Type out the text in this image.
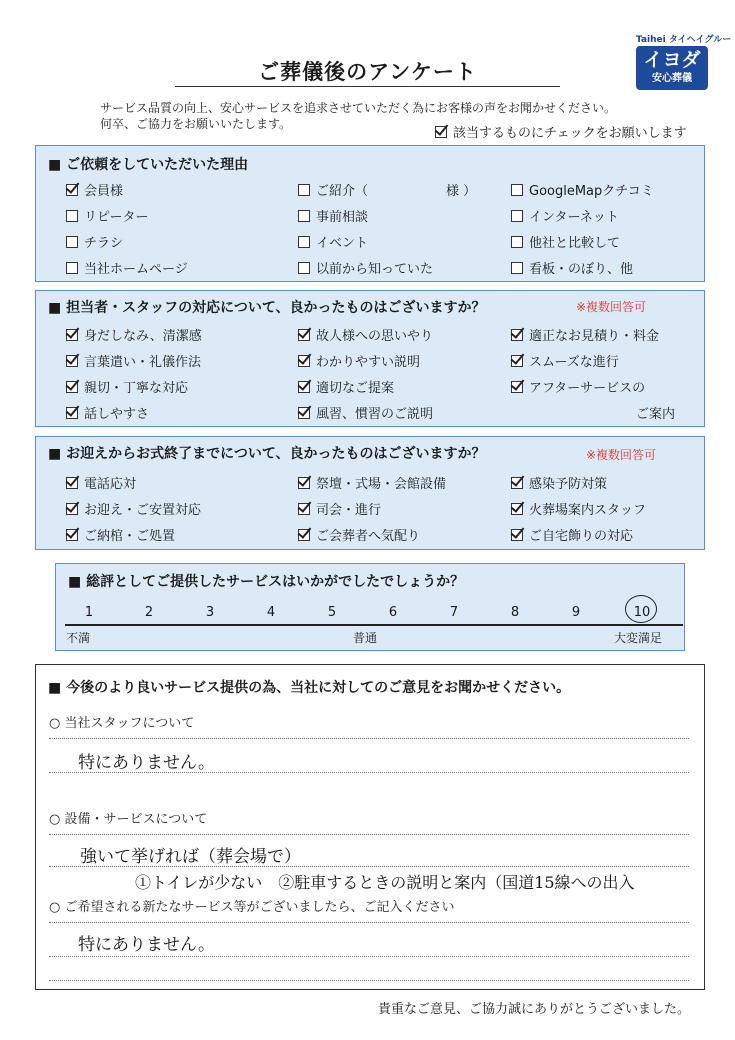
Taihei タイヘイグルー
イヨダ
安心葬儀
ご葬儀後のアンケート
サービス品質の向上、安心サービスを追求させていただく為にお客様の声をお聞かせください。
何卒、ご協力をお願いいたします。
該当するものにチェックをお願いします
■ ご依頼をしていただいた理由
会員様	ご紹介（　　　　　　様 ）	GoogleMapクチコミ
リピーター	事前相談	インターネット
チラシ	イベント	他社と比較して
当社ホームページ	以前から知っていた	看板・のぼり、他
■ 担当者・スタッフの対応について、良かったものはございますか？	※複数回答可
身だしなみ、清潔感	故人様への思いやり	適正なお見積り・料金
言葉遣い・礼儀作法	わかりやすい説明	スムーズな進行
親切・丁寧な対応	適切なご提案	アフターサービスの
話しやすさ	風習、慣習のご説明	ご案内
■ お迎えからお式終了までについて、良かったものはございますか？	※複数回答可
電話応対	祭壇・式場・会館設備	感染予防対策
お迎え・ご安置対応	司会・進行	火葬場案内スタッフ
ご納棺・ご処置	ご会葬者へ気配り	ご自宅飾りの対応
■ 総評としてご提供したサービスはいかがでしたでしょうか？
1	2	3	4	5	6	7	8	9	10
不満	普通	大変満足
■ 今後のより良いサービス提供の為、当社に対してのご意見をお聞かせください。
○ 当社スタッフについて
特にありません。
○ 設備・サービスについて
強いて挙げれば（葬会場で）
①トイレが少ない　②駐車するときの説明と案内（国道15線への出入
○ ご希望される新たなサービス等がございましたら、ご記入ください
特にありません。
貴重なご意見、ご協力誠にありがとうございました。
